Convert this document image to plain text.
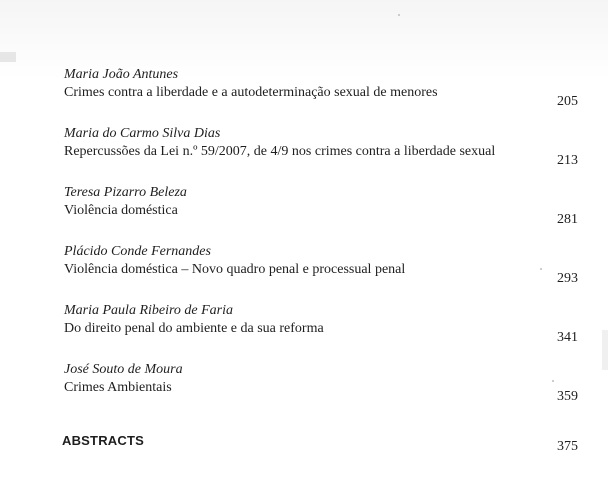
Maria João Antunes
Crimes contra a liberdade e a autodeterminação sexual de menores
205
Maria do Carmo Silva Dias
Repercussões da Lei n.º 59/2007, de 4/9 nos crimes contra a liberdade sexual
213
Teresa Pizarro Beleza
Violência doméstica
281
Plácido Conde Fernandes
Violência doméstica – Novo quadro penal e processual penal
293
Maria Paula Ribeiro de Faria
Do direito penal do ambiente e da sua reforma
341
José Souto de Moura
Crimes Ambientais
359
ABSTRACTS	375
